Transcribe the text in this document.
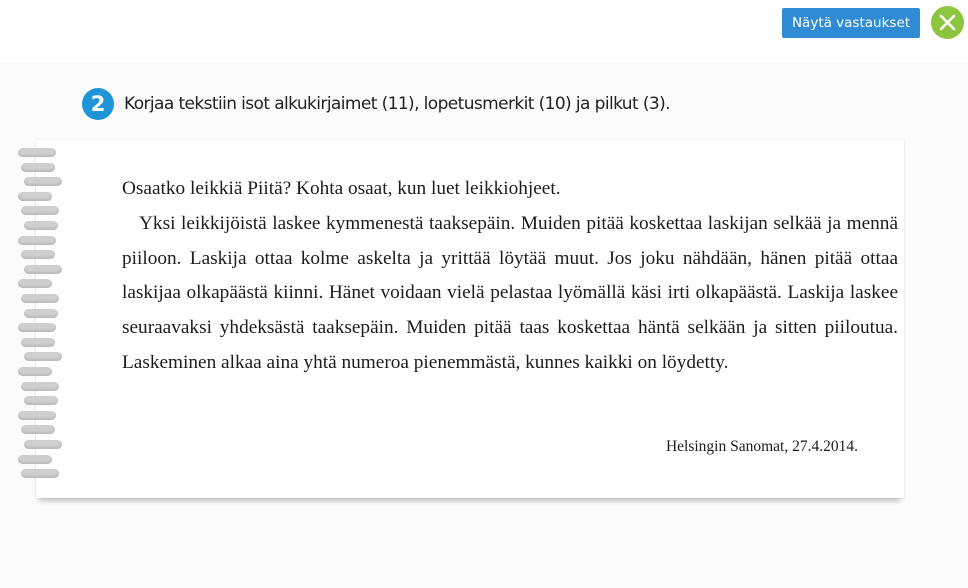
Näytä vastaukset
2	Korjaa tekstiin isot alkukirjaimet (11), lopetusmerkit (10) ja pilkut (3).

Osaatko leikkiä Piitä? Kohta osaat, kun luet leikkiohjeet.

Yksi leikkijöistä laskee kymmenestä taaksepäin. Muiden pitää koskettaa laskijan selkää ja mennä piiloon. Laskija ottaa kolme askelta ja yrittää löytää muut. Jos joku nähdään, hänen pitää ottaa laskijaa olkapäästä kiinni. Hänet voidaan vielä pelastaa lyömällä käsi irti olkapäästä. Laskija laskee seuraavaksi yhdeksästä taaksepäin. Muiden pitää taas koskettaa häntä selkään ja sitten piiloutua. Laskeminen alkaa aina yhtä numeroa pienemmästä, kunnes kaikki on löydetty.

Helsingin Sanomat, 27.4.2014.
